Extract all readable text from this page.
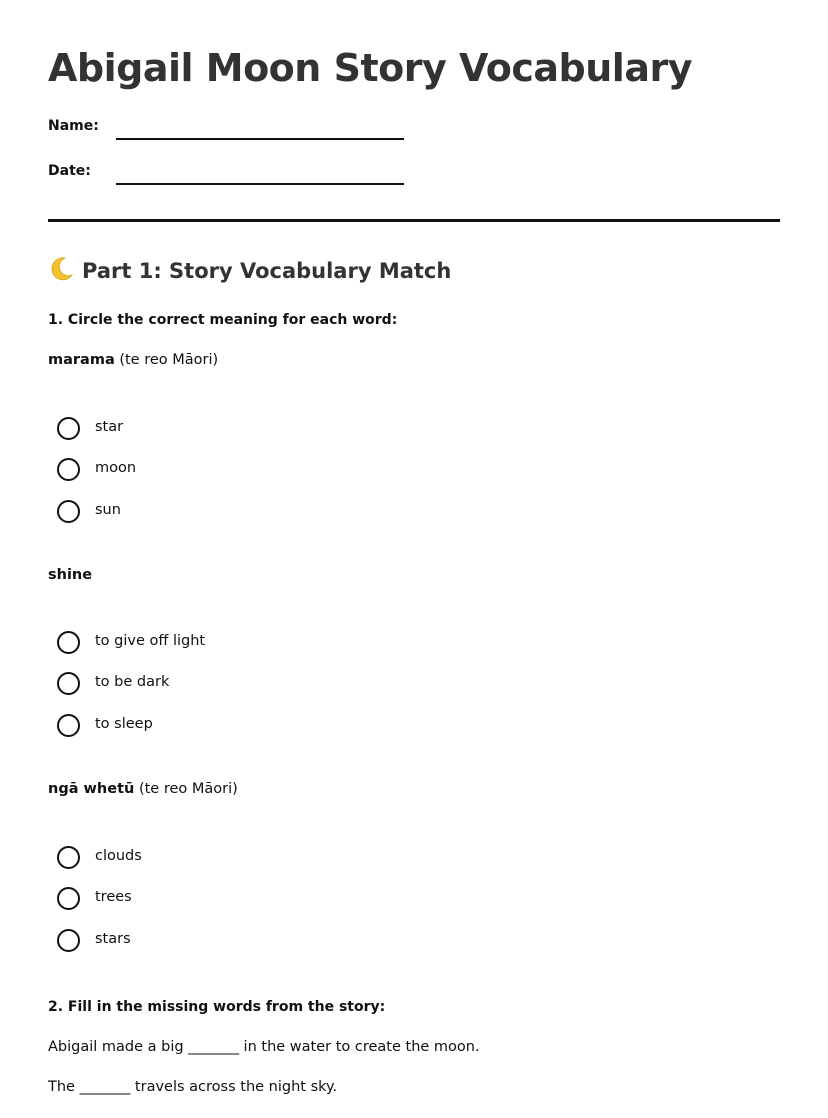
Abigail Moon Story Vocabulary
Name:
Date:
Part 1: Story Vocabulary Match
1. Circle the correct meaning for each word:
marama (te reo Māori)
star
moon
sun
shine
to give off light
to be dark
to sleep
ngā whetū (te reo Māori)
clouds
trees
stars
2. Fill in the missing words from the story:
Abigail made a big _______ in the water to create the moon.
The _______ travels across the night sky.
